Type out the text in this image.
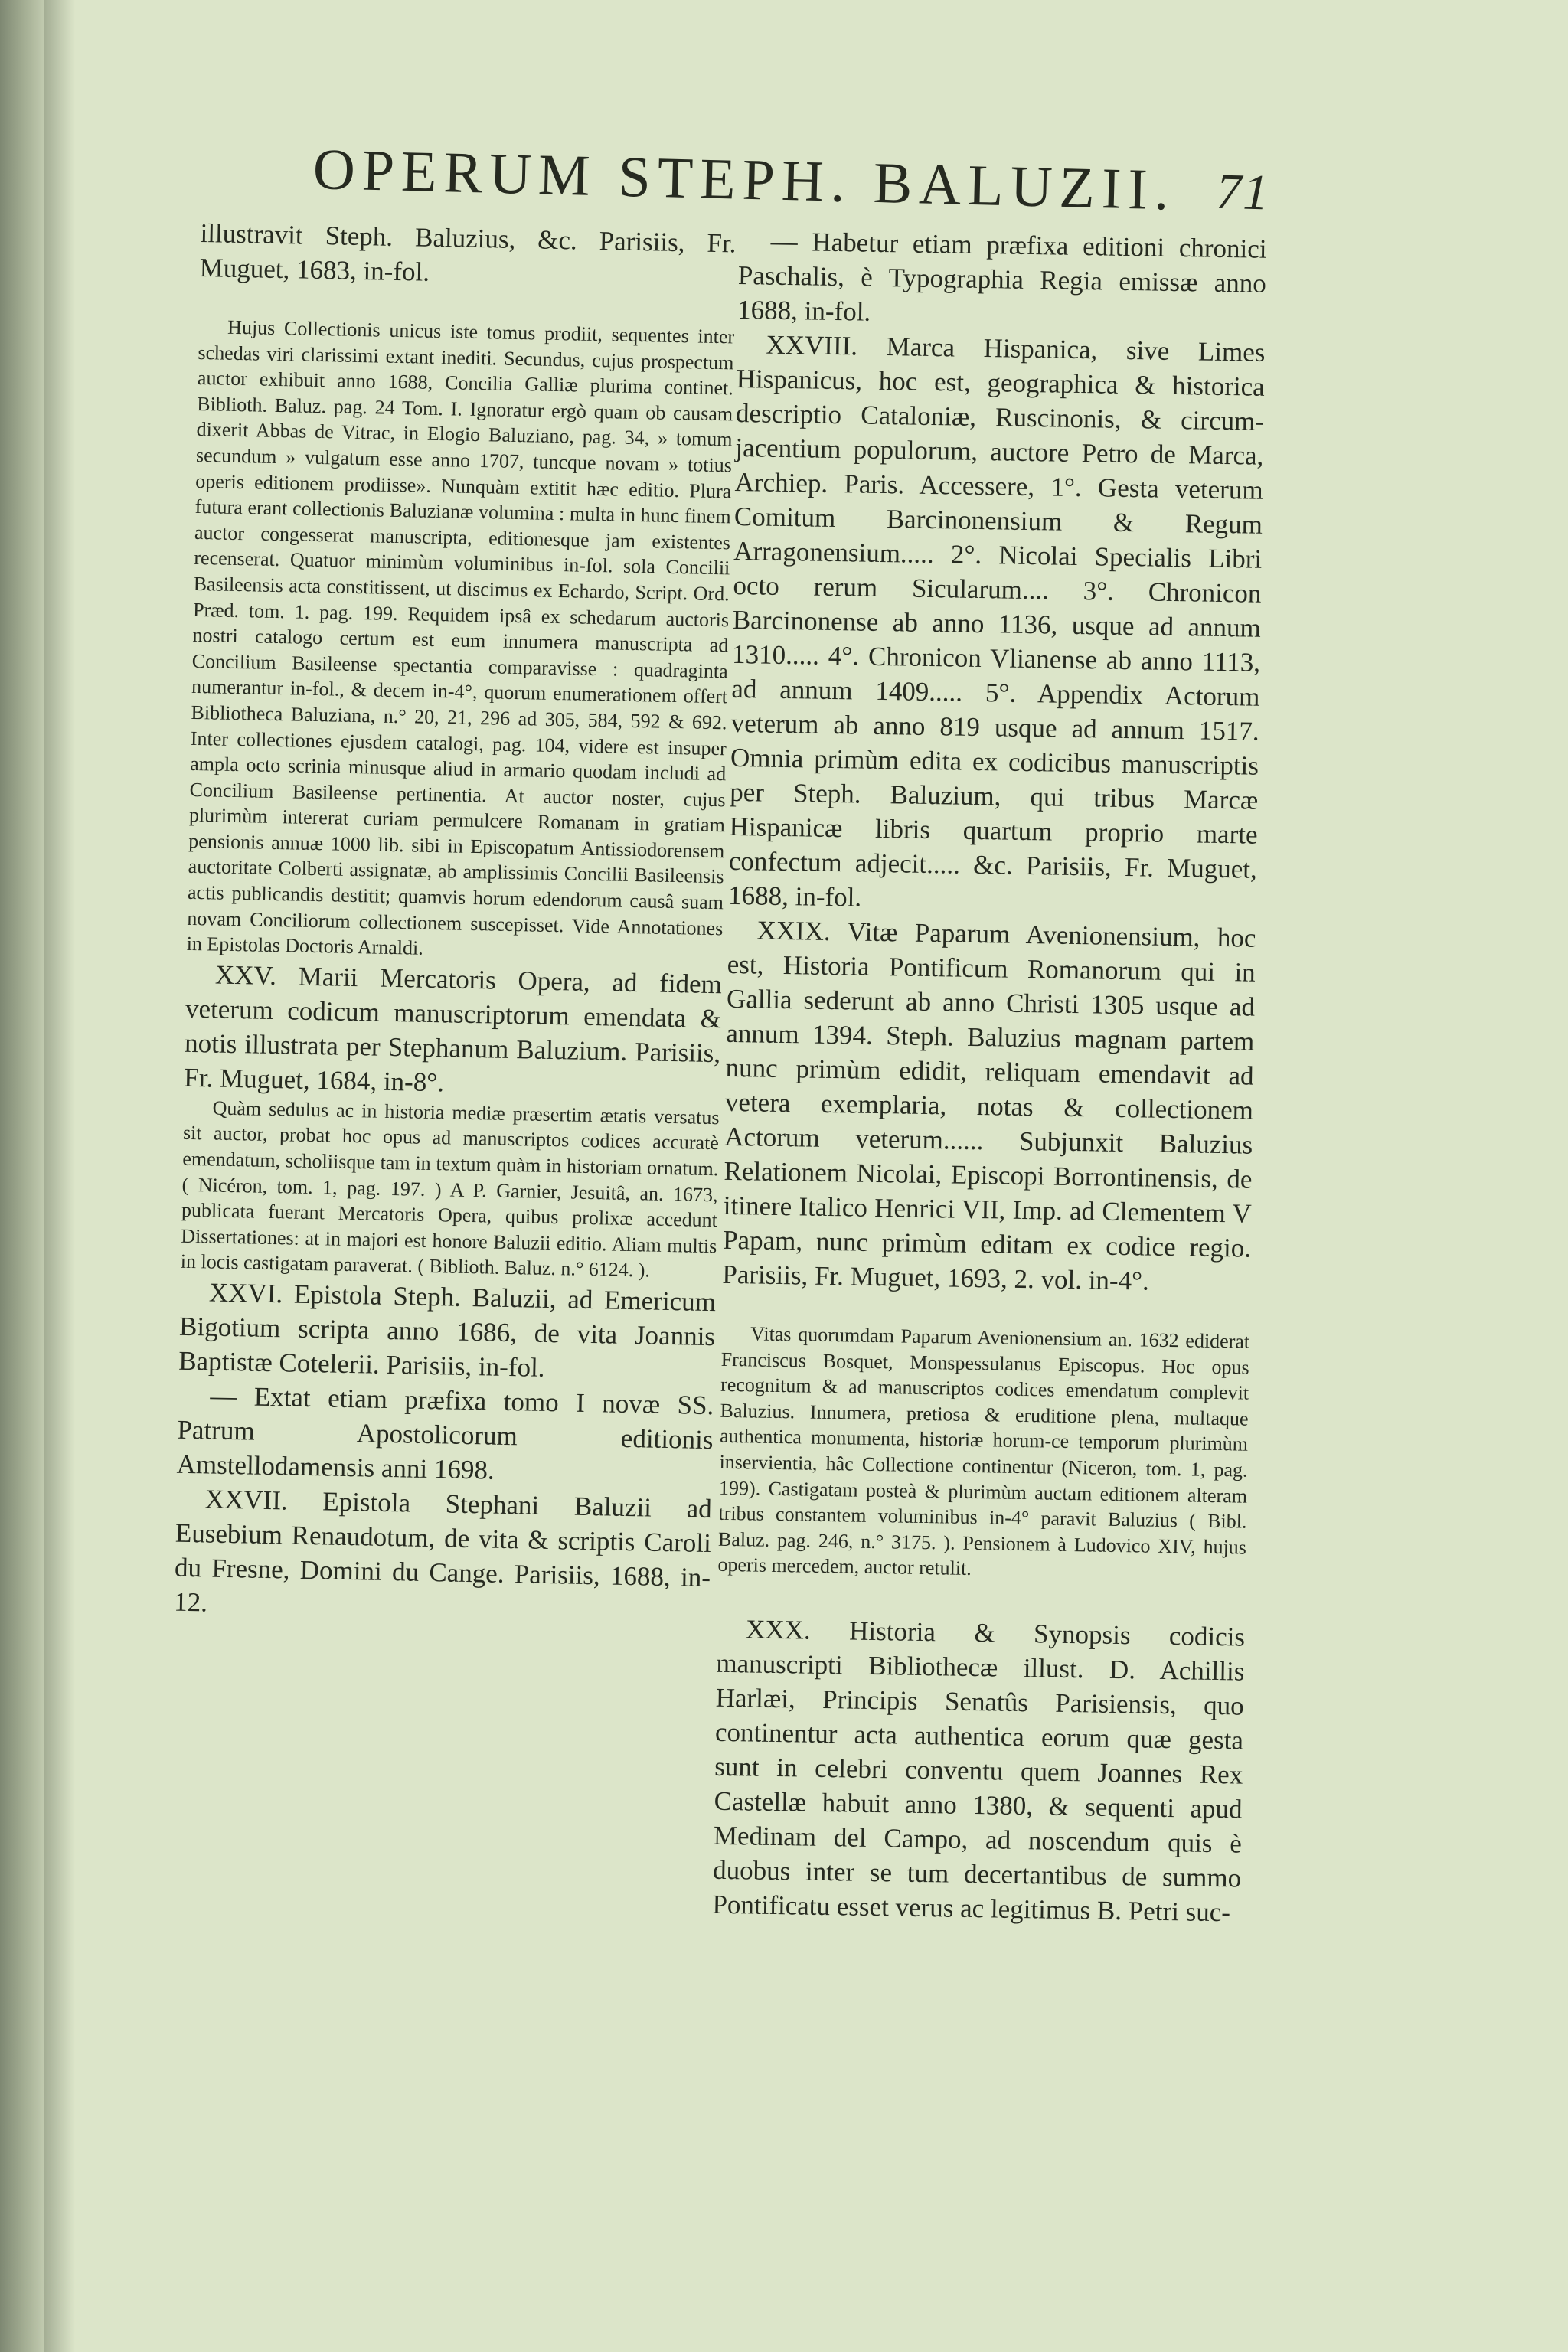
OPERUM STEPH. BALUZII. 71

illustravit Steph. Baluzius, &c. Parisiis, Fr. Muguet, 1683, in-fol.

Hujus Collectionis unicus iste tomus prodiit, sequentes inter schedas viri clarissimi extant inediti. Secundus, cujus prospectum auctor exhibuit anno 1688, Concilia Galliæ plurima continet. Biblioth. Baluz. pag. 24 Tom. I. Ignoratur ergò quam ob causam dixerit Abbas de Vitrac, in Elogio Baluziano, pag. 34, » tomum secundum » vulgatum esse anno 1707, tuncque novam » totius operis editionem prodiisse». Nunquàm extitit hæc editio. Plura futura erant collectionis Baluzianæ volumina : multa in hunc finem auctor congesserat manuscripta, editionesque jam existentes recenserat. Quatuor minimùm voluminibus in-fol. sola Concilii Basileensis acta constitissent, ut discimus ex Echardo, Script. Ord. Præd. tom. 1. pag. 199. Requidem ipsâ ex schedarum auctoris nostri catalogo certum est eum innumera manuscripta ad Concilium Basileense spectantia comparavisse : quadraginta numerantur in-fol., & decem in-4°, quorum enumerationem offert Bibliotheca Baluziana, n.° 20, 21, 296 ad 305, 584, 592 & 692. Inter collectiones ejusdem catalogi, pag. 104, videre est insuper ampla octo scrinia minusque aliud in armario quodam includi ad Concilium Basileense pertinentia. At auctor noster, cujus plurimùm intererat curiam permulcere Romanam in gratiam pensionis annuæ 1000 lib. sibi in Episcopatum Antissiodorensem auctoritate Colberti assignatæ, ab amplissimis Concilii Basileensis actis publicandis destitit; quamvis horum edendorum causâ suam novam Conciliorum collectionem suscepisset. Vide Annotationes in Epistolas Doctoris Arnaldi.

XXV. Marii Mercatoris Opera, ad fidem veterum codicum manuscriptorum emendata & notis illustrata per Stephanum Baluzium. Parisiis, Fr. Muguet, 1684, in-8°.

Quàm sedulus ac in historia mediæ præsertim ætatis versatus sit auctor, probat hoc opus ad manuscriptos codices accuratè emendatum, scholiisque tam in textum quàm in historiam ornatum. ( Nicéron, tom. 1, pag. 197. ) A P. Garnier, Jesuitâ, an. 1673, publicata fuerant Mercatoris Opera, quibus prolixæ accedunt Dissertationes: at in majori est honore Baluzii editio. Aliam multis in locis castigatam paraverat. ( Biblioth. Baluz. n.° 6124. ).

XXVI. Epistola Steph. Baluzii, ad Emericum Bigotium scripta anno 1686, de vita Joannis Baptistæ Cotelerii. Parisiis, in-fol.

— Extat etiam præfixa tomo I novæ SS. Patrum Apostolicorum editionis Amstellodamensis anni 1698.

XXVII. Epistola Stephani Baluzii ad Eusebium Renaudotum, de vita & scriptis Caroli du Fresne, Domini du Cange. Parisiis, 1688, in-12.

— Habetur etiam præfixa editioni chronici Paschalis, è Typographia Regia emissæ anno 1688, in-fol.

XXVIII. Marca Hispanica, sive Limes Hispanicus, hoc est, geographica & historica descriptio Cataloniæ, Ruscinonis, & circum-jacentium populorum, auctore Petro de Marca, Archiep. Paris. Accessere, 1°. Gesta veterum Comitum Barcinonensium & Regum Arragonensium..... 2°. Nicolai Specialis Libri octo rerum Sicularum.... 3°. Chronicon Barcinonense ab anno 1136, usque ad annum 1310..... 4°. Chronicon Vlianense ab anno 1113, ad annum 1409..... 5°. Appendix Actorum veterum ab anno 819 usque ad annum 1517. Omnia primùm edita ex codicibus manuscriptis per Steph. Baluzium, qui tribus Marcæ Hispanicæ libris quartum proprio marte confectum adjecit..... &c. Parisiis, Fr. Muguet, 1688, in-fol.

XXIX. Vitæ Paparum Avenionensium, hoc est, Historia Pontificum Romanorum qui in Gallia sederunt ab anno Christi 1305 usque ad annum 1394. Steph. Baluzius magnam partem nunc primùm edidit, reliquam emendavit ad vetera exemplaria, notas & collectionem Actorum veterum...... Subjunxit Baluzius Relationem Nicolai, Episcopi Borrontinensis, de itinere Italico Henrici VII, Imp. ad Clementem V Papam, nunc primùm editam ex codice regio. Parisiis, Fr. Muguet, 1693, 2. vol. in-4°.

Vitas quorumdam Paparum Avenionensium an. 1632 ediderat Franciscus Bosquet, Monspessulanus Episcopus. Hoc opus recognitum & ad manuscriptos codices emendatum complevit Baluzius. Innumera, pretiosa & eruditione plena, multaque authentica monumenta, historiæ horum-ce temporum plurimùm inservientia, hâc Collectione continentur (Niceron, tom. 1, pag. 199). Castigatam posteà & plurimùm auctam editionem alteram tribus constantem voluminibus in-4° paravit Baluzius ( Bibl. Baluz. pag. 246, n.° 3175. ). Pensionem à Ludovico XIV, hujus operis mercedem, auctor retulit.

XXX. Historia & Synopsis codicis manuscripti Bibliothecæ illust. D. Achillis Harlæi, Principis Senatûs Parisiensis, quo continentur acta authentica eorum quæ gesta sunt in celebri conventu quem Joannes Rex Castellæ habuit anno 1380, & sequenti apud Medinam del Campo, ad noscendum quis è duobus inter se tum decertantibus de summo Pontificatu esset verus ac legitimus B. Petri suc-
